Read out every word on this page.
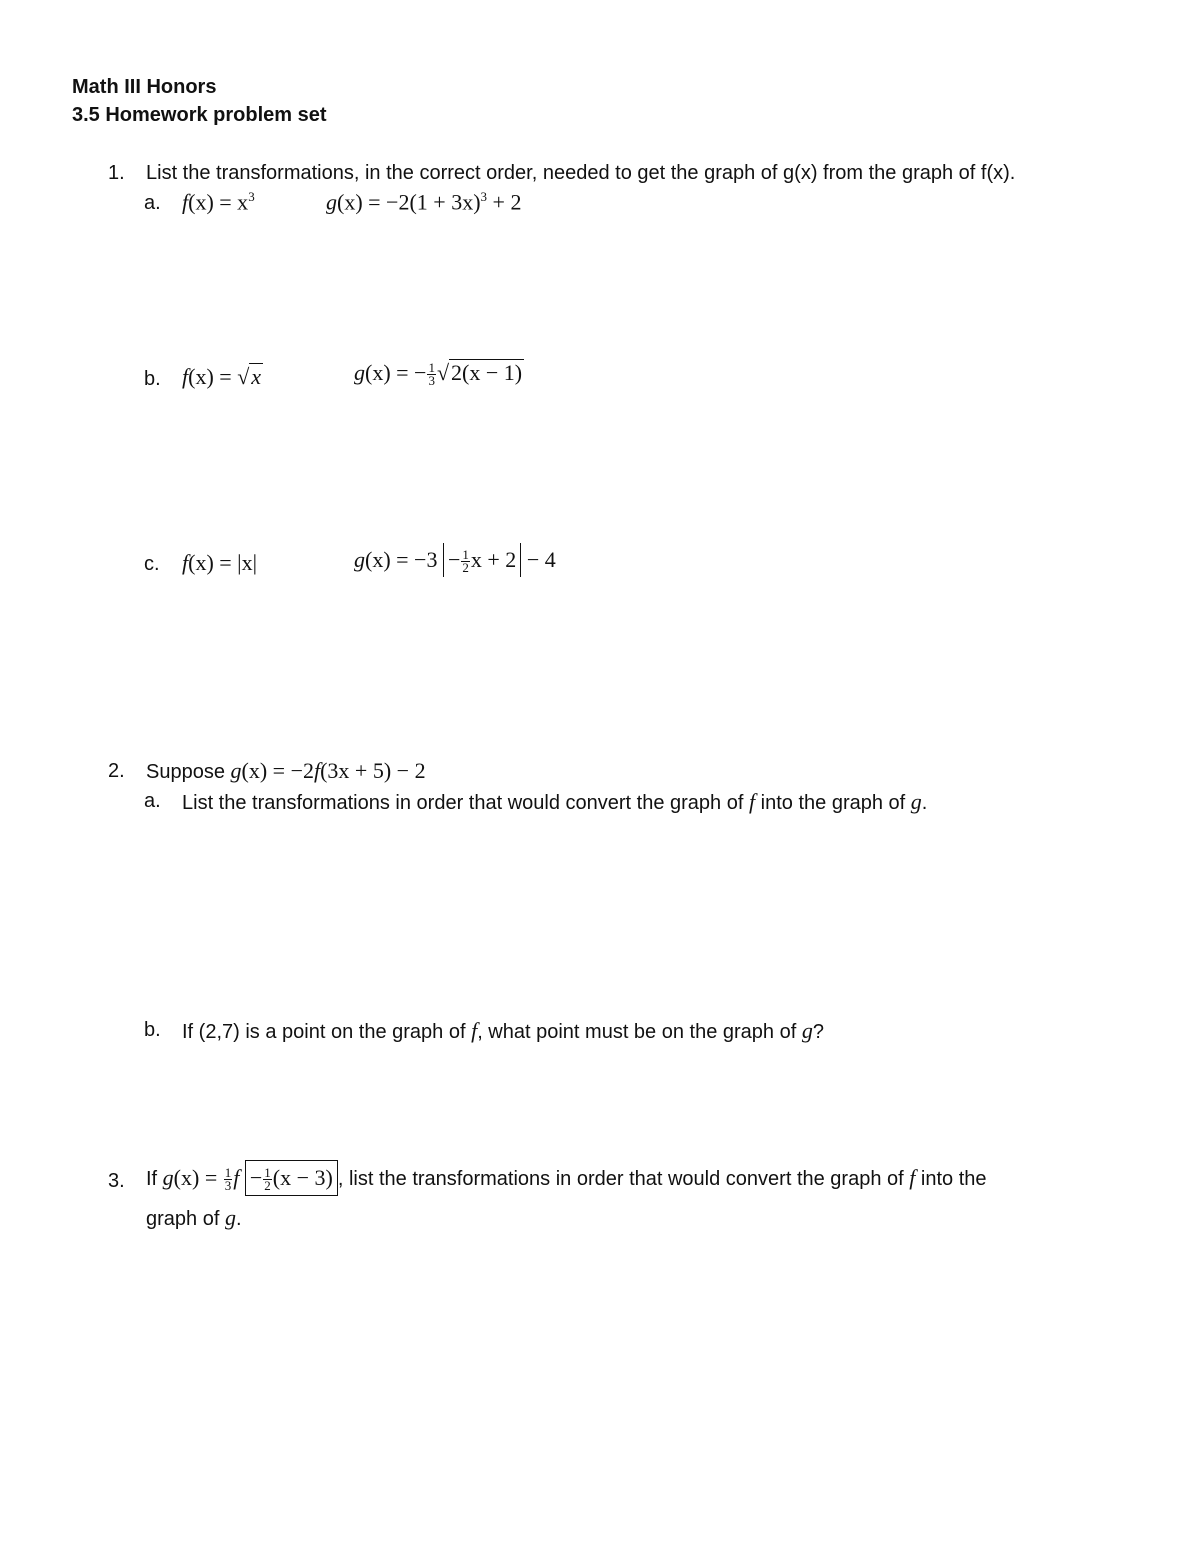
Math III Honors
3.5 Homework problem set
1. List the transformations, in the correct order, needed to get the graph of g(x) from the graph of f(x).
a. $f(x) = x^3$	$g(x) = -2(1 + 3x)^3 + 2$
b. f(x) = √x	g(x) = − $\frac{1}{3} √2(x - 1)$
c. f(x) = |x|	$g(x) = -3 - \frac{1}{2}$ x + 2 − 4
2. Suppose g(x) = −2f(3x + 5) − 2
a. List the transformations in order that would convert the graph of f into the graph of g.
b. If (2,7) is a point on the graph of f, what point must be on the graph of g?
3. If $g(x) = \frac{1}{3}$ $f - \frac{1}{2} (x - 3)$ , list the transformations in order that would convert the graph of f into the
graph of g.
